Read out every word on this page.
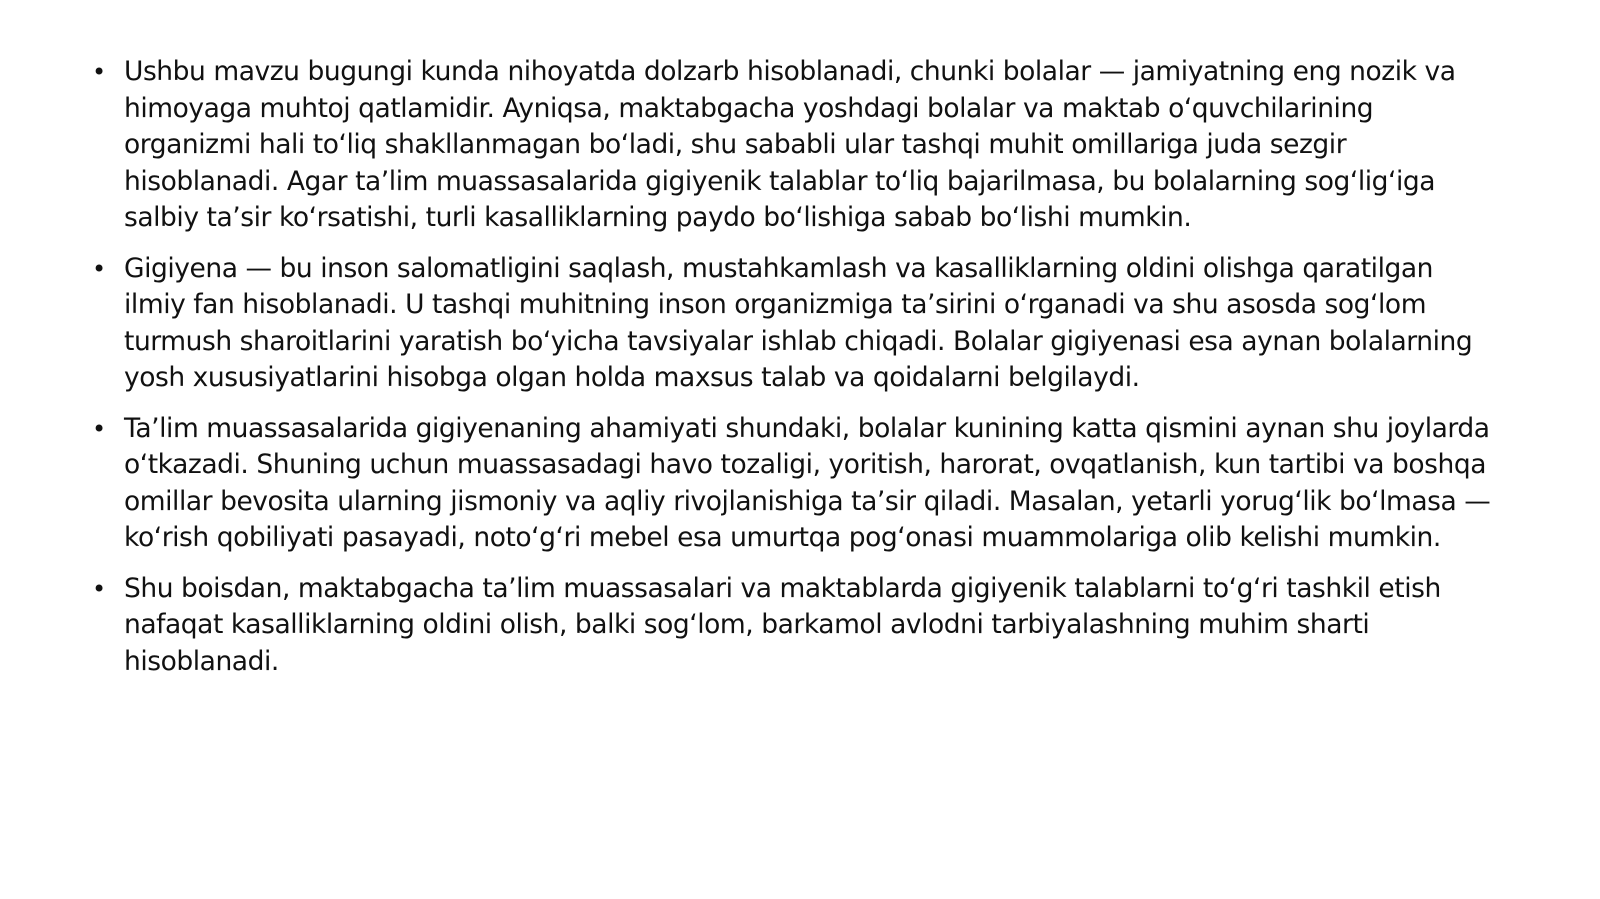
• Ushbu mavzu bugungi kunda nihoyatda dolzarb hisoblanadi, chunki bolalar — jamiyatning eng nozik va himoyaga muhtoj qatlamidir. Ayniqsa, maktabgacha yoshdagi bolalar va maktab o‘quvchilarining organizmi hali to‘liq shakllanmagan bo‘ladi, shu sababli ular tashqi muhit omillariga juda sezgir hisoblanadi. Agar ta’lim muassasalarida gigiyenik talablar to‘liq bajarilmasa, bu bolalarning sog‘lig‘iga salbiy ta’sir ko‘rsatishi, turli kasalliklarning paydo bo‘lishiga sabab bo‘lishi mumkin.
• Gigiyena — bu inson salomatligini saqlash, mustahkamlash va kasalliklarning oldini olishga qaratilgan ilmiy fan hisoblanadi. U tashqi muhitning inson organizmiga ta’sirini o‘rganadi va shu asosda sog‘lom turmush sharoitlarini yaratish bo‘yicha tavsiyalar ishlab chiqadi. Bolalar gigiyenasi esa aynan bolalarning yosh xususiyatlarini hisobga olgan holda maxsus talab va qoidalarni belgilaydi.
• Ta’lim muassasalarida gigiyenaning ahamiyati shundaki, bolalar kunining katta qismini aynan shu joylarda o‘tkazadi. Shuning uchun muassasadagi havo tozaligi, yoritish, harorat, ovqatlanish, kun tartibi va boshqa omillar bevosita ularning jismoniy va aqliy rivojlanishiga ta’sir qiladi. Masalan, yetarli yorug‘lik bo‘lmasa — ko‘rish qobiliyati pasayadi, noto‘g‘ri mebel esa umurtqa pog‘onasi muammolariga olib kelishi mumkin.
• Shu boisdan, maktabgacha ta’lim muassasalari va maktablarda gigiyenik talablarni to‘g‘ri tashkil etish nafaqat kasalliklarning oldini olish, balki sog‘lom, barkamol avlodni tarbiyalashning muhim sharti hisoblanadi.
